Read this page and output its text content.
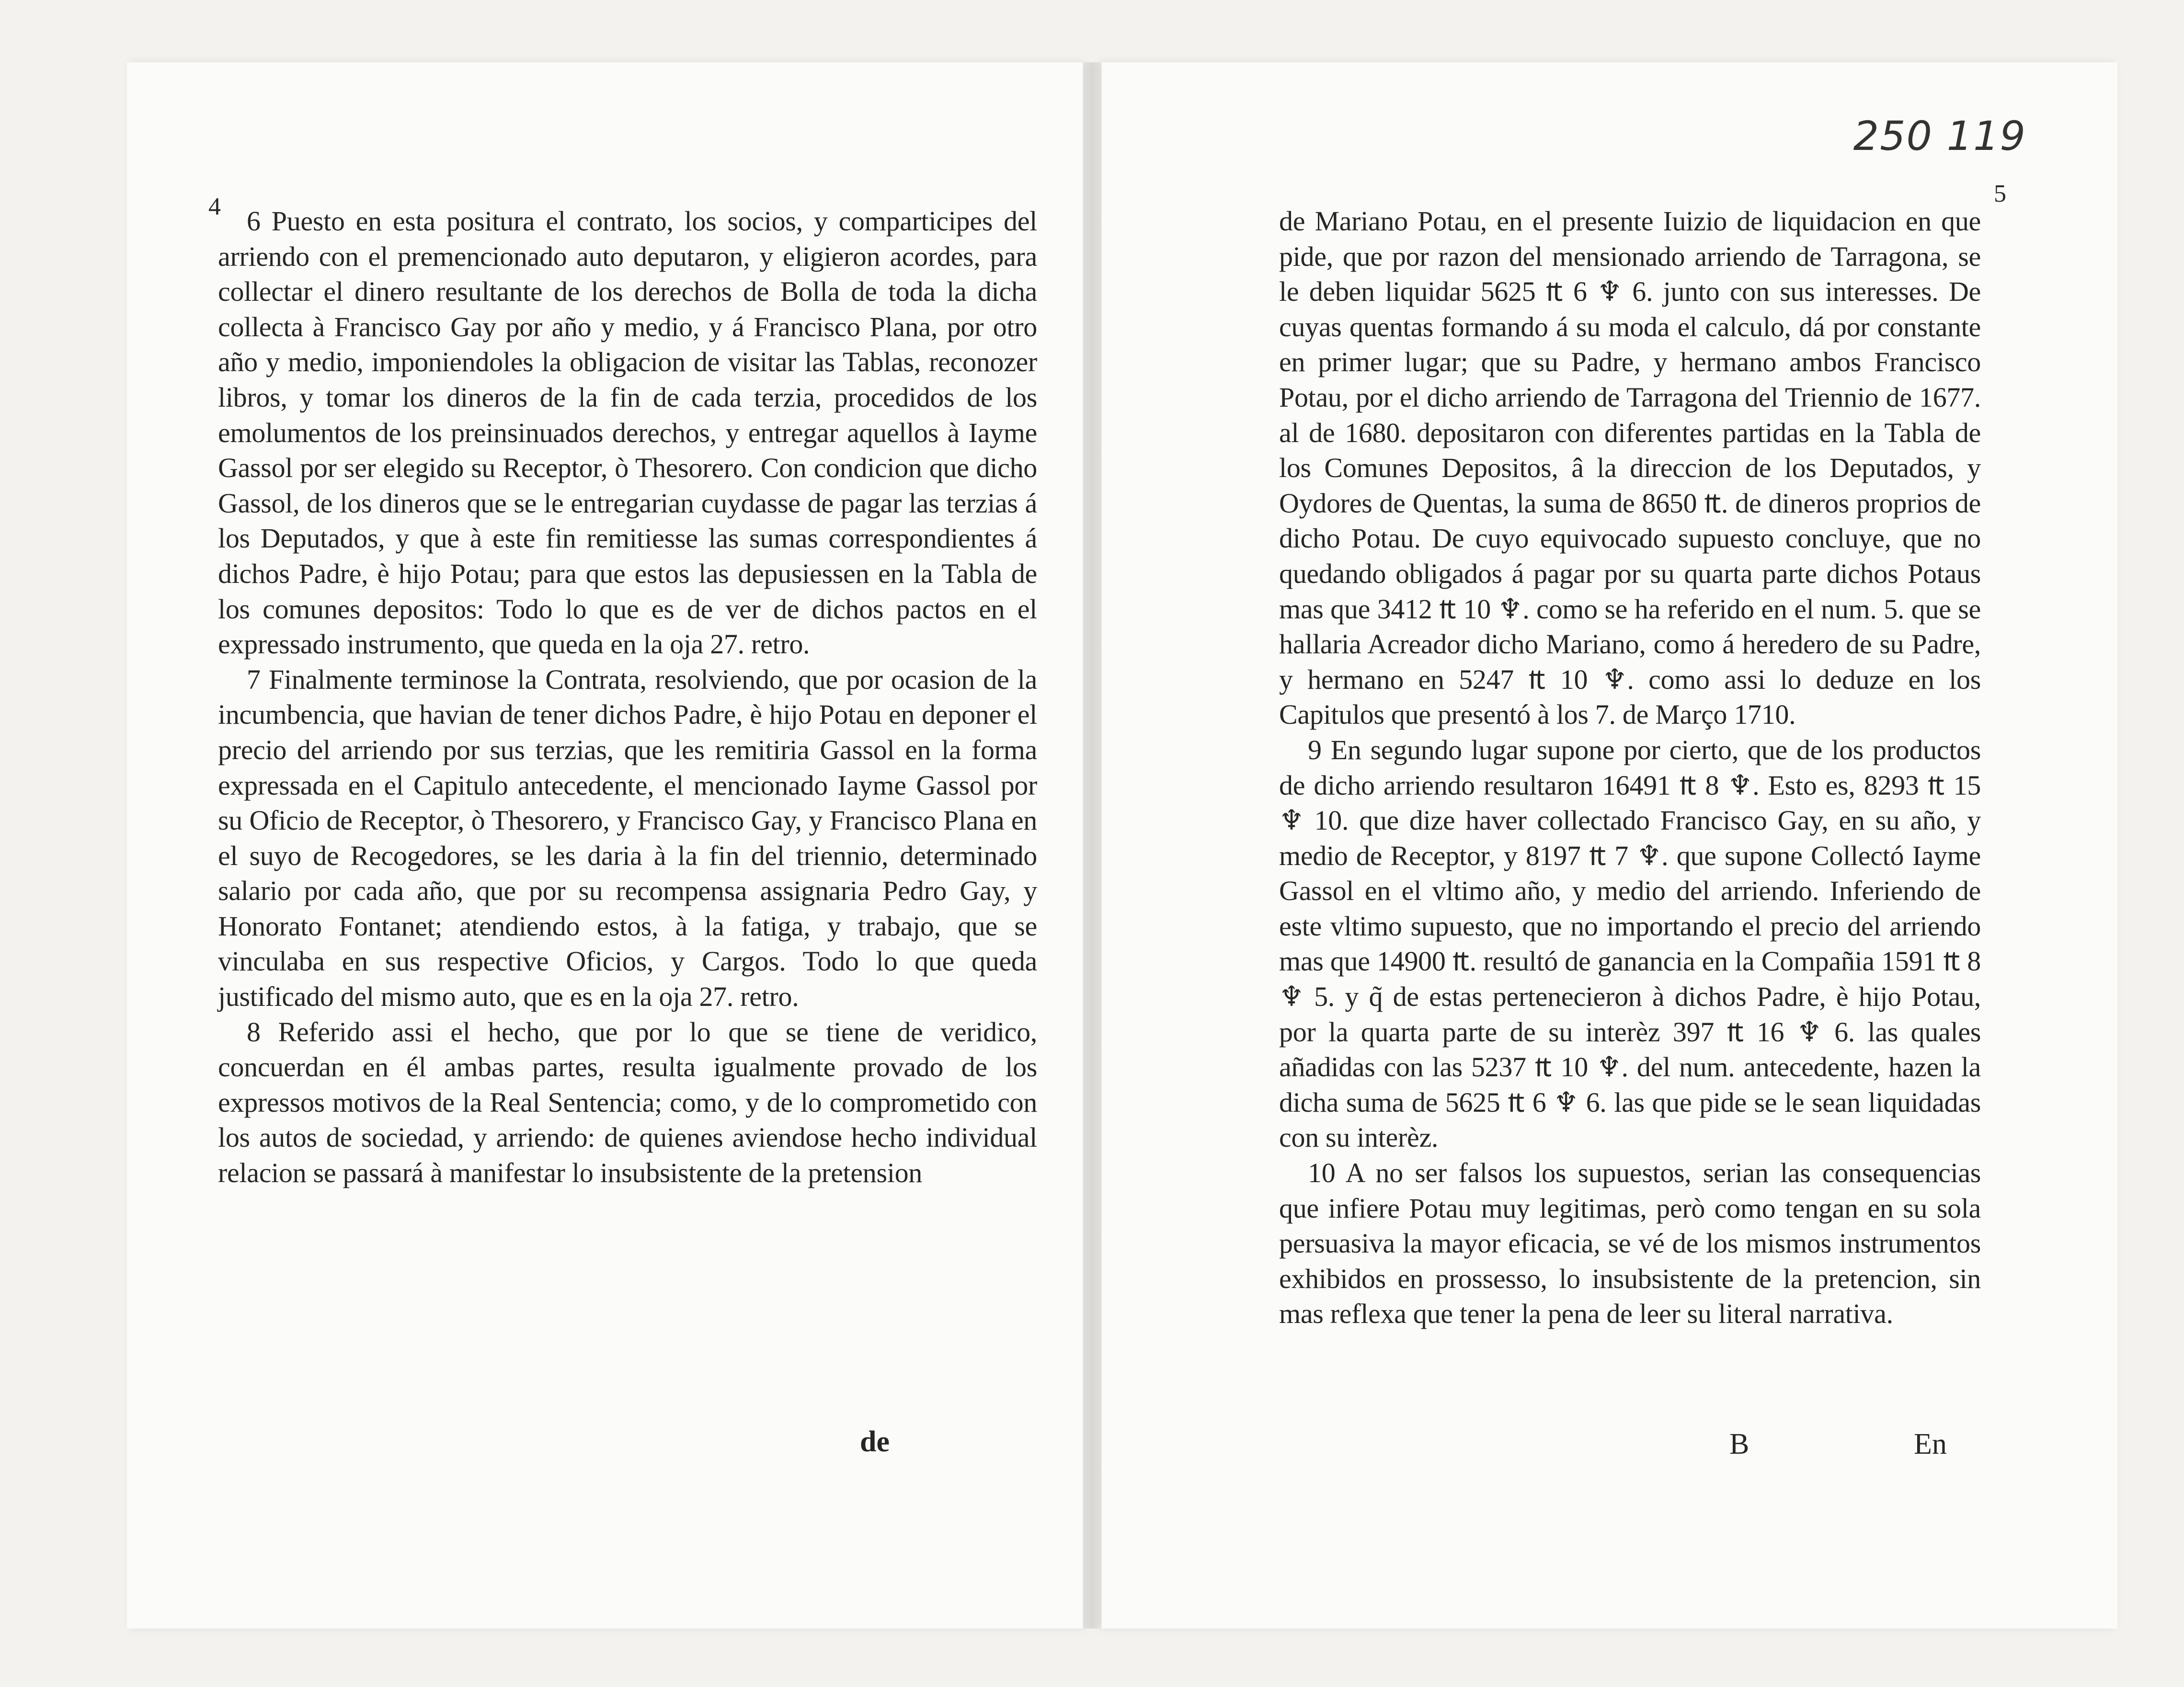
4 6 Puesto en esta positura el contrato, los socios, y comparticipes del arriendo con el premencionado auto deputaron, y eligieron acordes, para collectar el dinero resultante de los derechos de Bolla de toda la dicha collecta à Francisco Gay por año y medio, y á Francisco Plana, por otro año y medio, imponiendoles la obligacion de visitar las Tablas, reconozer libros, y tomar los dineros de la fin de cada terzia, procedidos de los emolumentos de los preinsinuados derechos, y entregar aquellos à Iayme Gassol por ser elegido su Receptor, ò Thesorero. Con condicion que dicho Gassol, de los dineros que se le entregarian cuydasse de pagar las terzias á los Deputados, y que à este fin remitiesse las sumas correspondientes á dichos Padre, è hijo Potau; para que estos las depusiessen en la Tabla de los comunes depositos: Todo lo que es de ver de dichos pactos en el expressado instrumento, que queda en la oja 27. retro.

7 Finalmente terminose la Contrata, resolviendo, que por ocasion de la incumbencia, que havian de tener dichos Padre, è hijo Potau en deponer el precio del arriendo por sus terzias, que les remitiria Gassol en la forma expressada en el Capitulo antecedente, el mencionado Iayme Gassol por su Oficio de Receptor, ò Thesorero, y Francisco Gay, y Francisco Plana en el suyo de Recogedores, se les daria à la fin del triennio, determinado salario por cada año, que por su recompensa assignaria Pedro Gay, y Honorato Fontanet; atendiendo estos, à la fatiga, y trabajo, que se vinculaba en sus respective Oficios, y Cargos. Todo lo que queda justificado del mismo auto, que es en la oja 27. retro.

8 Referido assi el hecho, que por lo que se tiene de veridico, concuerdan en él ambas partes, resulta igualmente provado de los expressos motivos de la Real Sentencia; como, y de lo comprometido con los autos de sociedad, y arriendo: de quienes aviendose hecho individual relacion se passará à manifestar lo insubsistente de la pretension

de
250 119
5

de Mariano Potau, en el presente Iuizio de liquidacion en que pide, que por razon del mensionado arriendo de Tarragona, se le deben liquidar 5625 ₶ 6 ♆ 6. junto con sus interesses. De cuyas quentas formando á su moda el calculo, dá por constante en primer lugar; que su Padre, y hermano ambos Francisco Potau, por el dicho arriendo de Tarragona del Triennio de 1677. al de 1680. depositaron con diferentes partidas en la Tabla de los Comunes Depositos, â la direccion de los Deputados, y Oydores de Quentas, la suma de 8650 ₶. de dineros proprios de dicho Potau. De cuyo equivocado supuesto concluye, que no quedando obligados á pagar por su quarta parte dichos Potaus mas que 3412 ₶ 10 ♆. como se ha referido en el num. 5. que se hallaria Acreador dicho Mariano, como á heredero de su Padre, y hermano en 5247 ₶ 10 ♆. como assi lo deduze en los Capitulos que presentó à los 7. de Março 1710.

9 En segundo lugar supone por cierto, que de los productos de dicho arriendo resultaron 16491 ₶ 8 ♆. Esto es, 8293 ₶ 15 ♆ 10. que dize haver collectado Francisco Gay, en su año, y medio de Receptor, y 8197 ₶ 7 ♆. que supone Collectó Iayme Gassol en el vltimo año, y medio del arriendo. Inferiendo de este vltimo supuesto, que no importando el precio del arriendo mas que 14900 ₶. resultó de ganancia en la Compañia 1591 ₶ 8 ♆ 5. y q̃ de estas pertenecieron à dichos Padre, è hijo Potau, por la quarta parte de su interèz 397 ₶ 16 ♆ 6. las quales añadidas con las 5237 ₶ 10 ♆. del num. antecedente, hazen la dicha suma de 5625 ₶ 6 ♆ 6. las que pide se le sean liquidadas con su interèz.

10 A no ser falsos los supuestos, serian las consequencias que infiere Potau muy legitimas, però como tengan en su sola persuasiva la mayor eficacia, se vé de los mismos instrumentos exhibidos en prossesso, lo insubsistente de la pretencion, sin mas reflexa que tener la pena de leer su literal narrativa.

B	En
